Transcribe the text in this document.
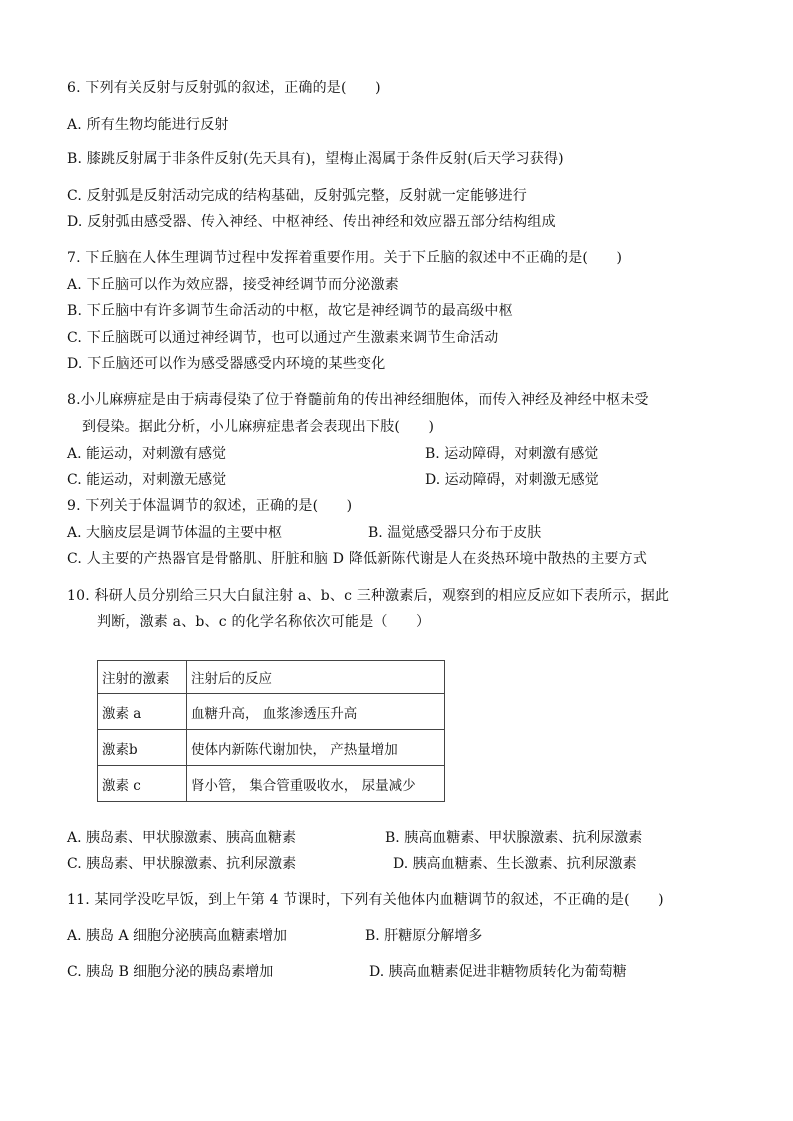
6. 下列有关反射与反射弧的叙述，正确的是(　　)
A. 所有生物均能进行反射
B. 膝跳反射属于非条件反射(先天具有)，望梅止渴属于条件反射(后天学习获得)
C. 反射弧是反射活动完成的结构基础，反射弧完整，反射就一定能够进行
D. 反射弧由感受器、传入神经、中枢神经、传出神经和效应器五部分结构组成
7. 下丘脑在人体生理调节过程中发挥着重要作用。关于下丘脑的叙述中不正确的是(　　)
A. 下丘脑可以作为效应器，接受神经调节而分泌激素
B. 下丘脑中有许多调节生命活动的中枢，故它是神经调节的最高级中枢
C. 下丘脑既可以通过神经调节，也可以通过产生激素来调节生命活动
D. 下丘脑还可以作为感受器感受内环境的某些变化
8.小儿麻痹症是由于病毒侵染了位于脊髓前角的传出神经细胞体，而传入神经及神经中枢未受
到侵染。据此分析，小儿麻痹症患者会表现出下肢(　　)
A. 能运动，对刺激有感觉	B. 运动障碍，对刺激有感觉
C. 能运动，对刺激无感觉	D. 运动障碍，对刺激无感觉
9. 下列关于体温调节的叙述，正确的是(　　)
A. 大脑皮层是调节体温的主要中枢	B. 温觉感受器只分布于皮肤
C. 人主要的产热器官是骨骼肌、肝脏和脑 D 降低新陈代谢是人在炎热环境中散热的主要方式
10. 科研人员分别给三只大白鼠注射 a、b、c 三种激素后，观察到的相应反应如下表所示，据此
判断，激素 a、b、c 的化学名称依次可能是（　　）
注射的激素	注射后的反应
激素 a	血糖升高， 血浆渗透压升高
激素b	使体内新陈代谢加快， 产热量增加
激素 c	肾小管， 集合管重吸收水， 尿量减少
A. 胰岛素、甲状腺激素、胰高血糖素	B. 胰高血糖素、甲状腺激素、抗利尿激素
C. 胰岛素、甲状腺激素、抗利尿激素	D. 胰高血糖素、生长激素、抗利尿激素
11. 某同学没吃早饭，到上午第 4 节课时，下列有关他体内血糖调节的叙述，不正确的是(　　)
A. 胰岛 A 细胞分泌胰高血糖素增加	B. 肝糖原分解增多
C. 胰岛 B 细胞分泌的胰岛素增加	D. 胰高血糖素促进非糖物质转化为葡萄糖
